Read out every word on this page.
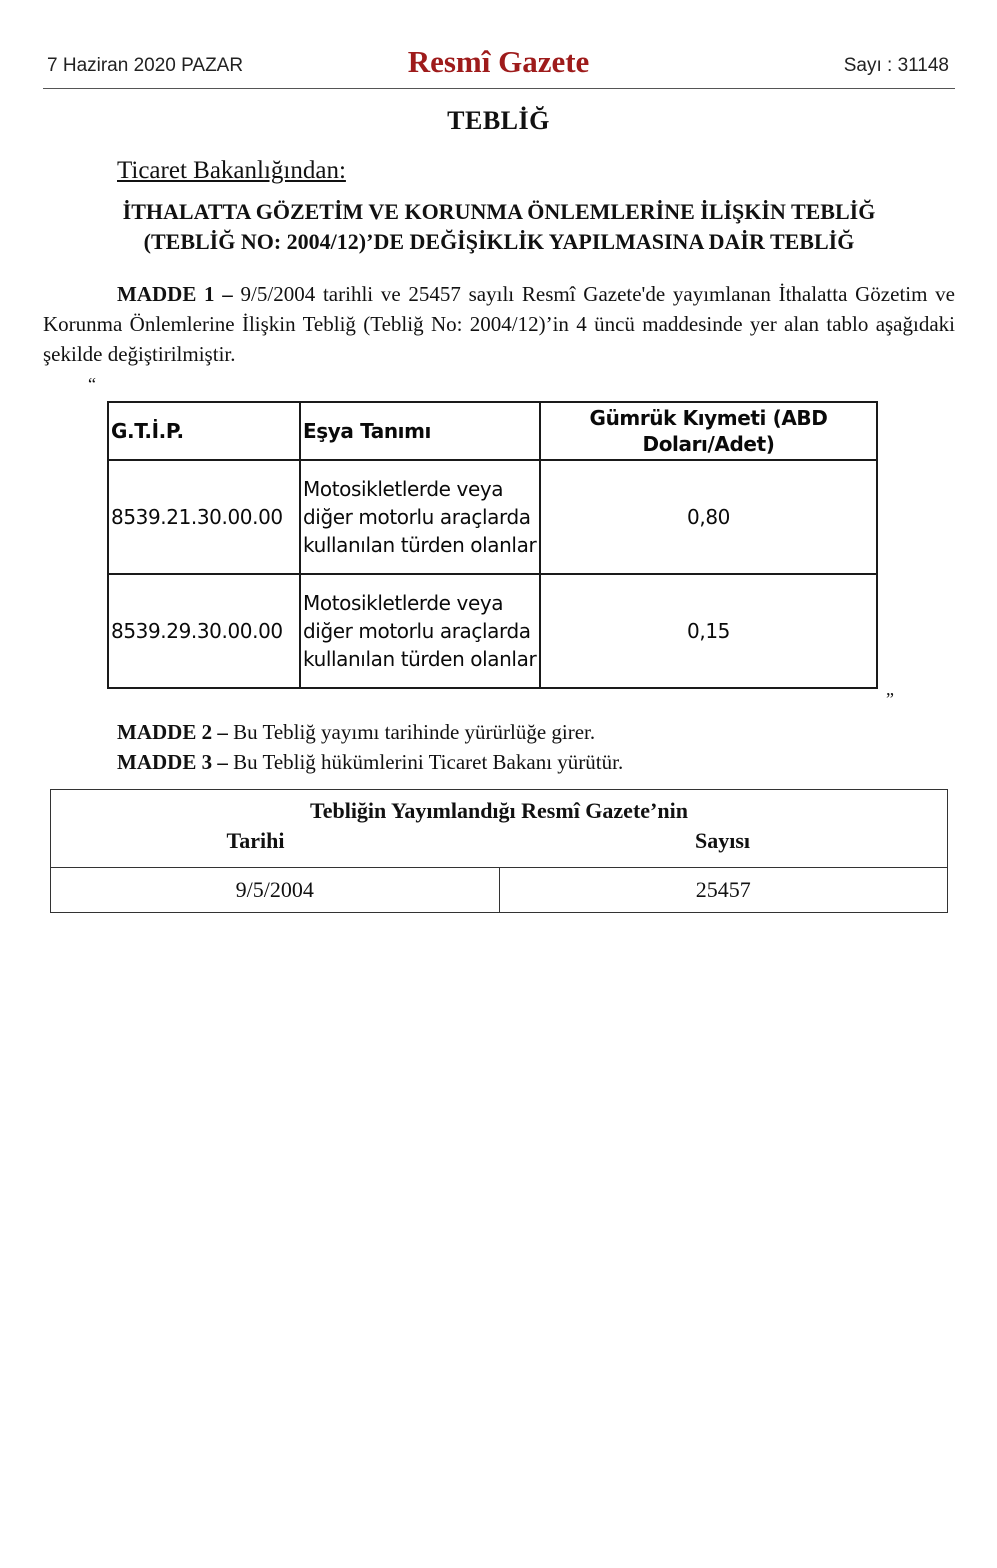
7 Haziran 2020 PAZAR	Resmî Gazete	Sayı : 31148
TEBLİĞ
Ticaret Bakanlığından:
İTHALATTA GÖZETİM VE KORUNMA ÖNLEMLERİNE İLİŞKİN TEBLİĞ
(TEBLİĞ NO: 2004/12)’DE DEĞİŞİKLİK YAPILMASINA DAİR TEBLİĞ
MADDE 1 – 9/5/2004 tarihli ve 25457 sayılı Resmî Gazete'de yayımlanan İthalatta Gözetim ve Korunma Önlemlerine İlişkin Tebliğ (Tebliğ No: 2004/12)’in 4 üncü maddesinde yer alan tablo aşağıdaki şekilde değiştirilmiştir.
“
G.T.İ.P.	Eşya Tanımı	Gümrük Kıymeti (ABD Doları/Adet)
8539.21.30.00.00	Motosikletlerde veya diğer motorlu araçlarda kullanılan türden olanlar	0,80
8539.29.30.00.00	Motosikletlerde veya diğer motorlu araçlarda kullanılan türden olanlar	0,15
”
MADDE 2 – Bu Tebliğ yayımı tarihinde yürürlüğe girer.
MADDE 3 – Bu Tebliğ hükümlerini Ticaret Bakanı yürütür.
Tebliğin Yayımlandığı Resmî Gazete’nin
Tarihi	Sayısı

9/5/2004	25457
